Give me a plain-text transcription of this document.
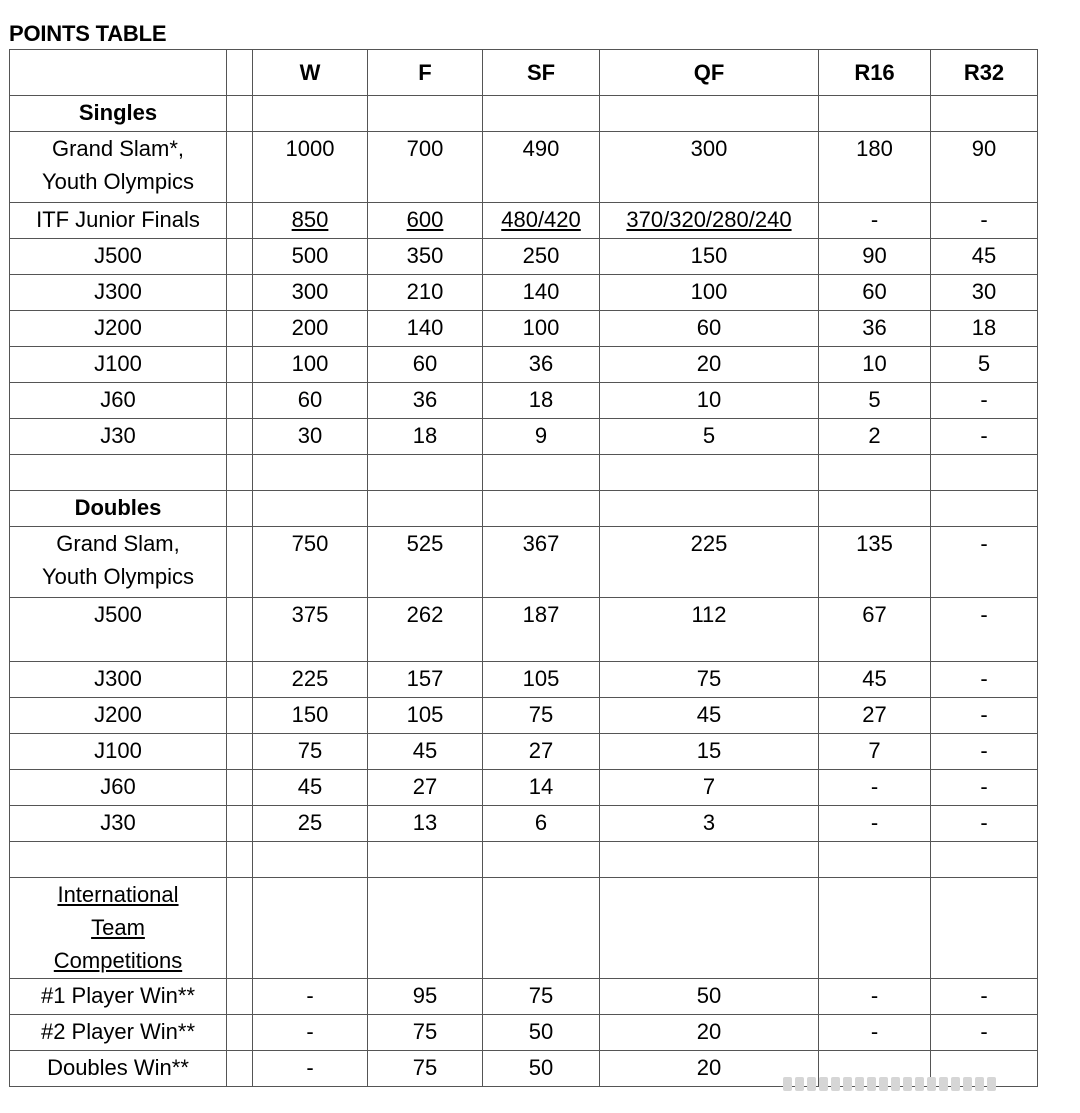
POINTS TABLE
		W	F	SF	QF	R16	R32
Singles							

Grand Slam*,
Youth Olympics		1000	700	490	300	180	90

ITF Junior Finals		850	600	480/420	370/320/280/240	-	-

J500		500	350	250	150	90	45

J300		300	210	140	100	60	30

J200		200	140	100	60	36	18

J100		100	60	36	20	10	5

J60		60	36	18	10	5	-

J30		30	18	9	5	2	-

Doubles							

Grand Slam,
Youth Olympics		750	525	367	225	135	-

J500		375	262	187	112	67	-

J300		225	157	105	75	45	-

J200		150	105	75	45	27	-

J100		75	45	27	15	7	-

J60		45	27	14	7	-	-

J30		25	13	6	3	-	-

International
Team
Competitions							

#1 Player Win**		-	95	75	50	-	-

#2 Player Win**		-	75	50	20	-	-

Doubles Win**		-	75	50	20		
